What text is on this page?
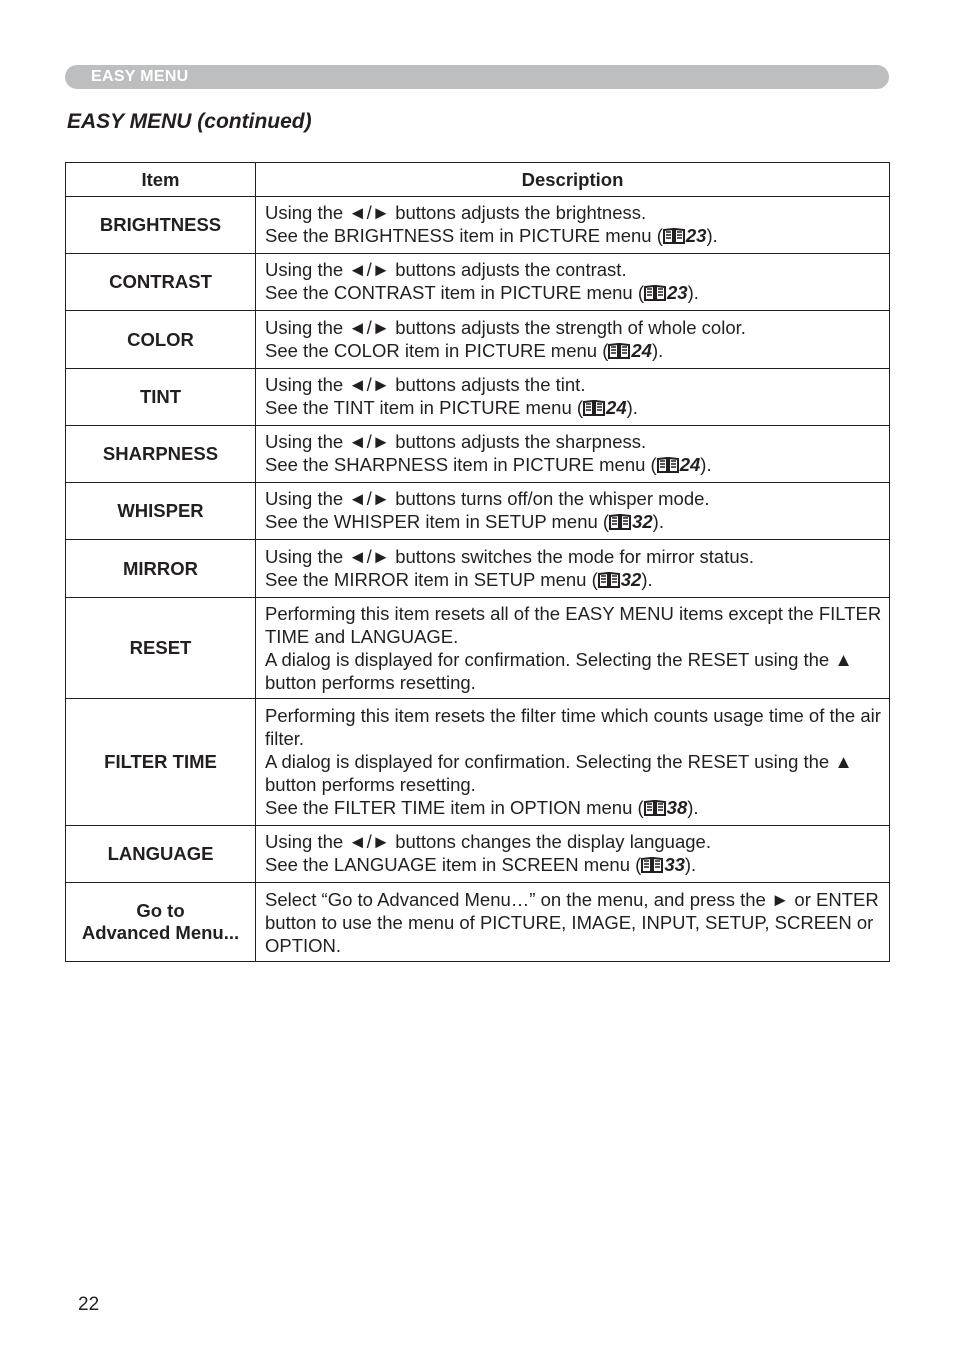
EASY MENU
EASY MENU (continued)
Item	Description
BRIGHTNESS	Using the ◄/► buttons adjusts the brightness.
See the BRIGHTNESS item in PICTURE menu ( 23).

CONTRAST	Using the ◄/► buttons adjusts the contrast.
See the CONTRAST item in PICTURE menu ( 23).

COLOR	Using the ◄/► buttons adjusts the strength of whole color.
See the COLOR item in PICTURE menu ( 24).

TINT	Using the ◄/► buttons adjusts the tint.
See the TINT item in PICTURE menu ( 24).

SHARPNESS	Using the ◄/► buttons adjusts the sharpness.
See the SHARPNESS item in PICTURE menu ( 24).

WHISPER	Using the ◄/► buttons turns off/on the whisper mode.
See the WHISPER item in SETUP menu ( 32).

MIRROR	Using the ◄/► buttons switches the mode for mirror status.
See the MIRROR item in SETUP menu ( 32).

RESET	Performing this item resets all of the EASY MENU items except the FILTER TIME and LANGUAGE.
A dialog is displayed for confirmation. Selecting the RESET using the ▲ button performs resetting.

FILTER TIME	Performing this item resets the filter time which counts usage time of the air filter.
A dialog is displayed for confirmation. Selecting the RESET using the ▲ button performs resetting.
See the FILTER TIME item in OPTION menu ( 38).

LANGUAGE	Using the ◄/► buttons changes the display language.
See the LANGUAGE item in SCREEN menu ( 33).

Go to
Advanced Menu...	Select “Go to Advanced Menu…” on the menu, and press the ► or ENTER button to use the menu of PICTURE, IMAGE, INPUT, SETUP, SCREEN or OPTION.
22
